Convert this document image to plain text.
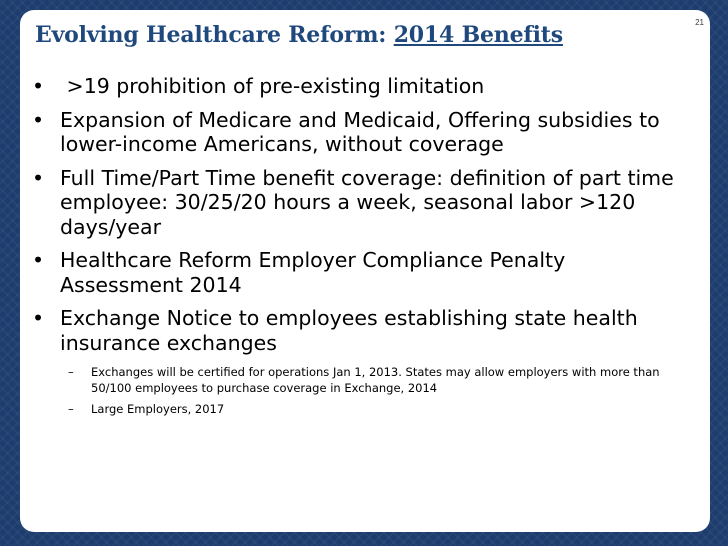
21
Evolving Healthcare Reform: 2014 Benefits
• >19 prohibition of pre-existing limitation
• Expansion of Medicare and Medicaid, Offering subsidies to lower-income Americans, without coverage
• Full Time/Part Time benefit coverage: definition of part time employee: 30/25/20 hours a week, seasonal labor >120 days/year
• Healthcare Reform Employer Compliance Penalty Assessment 2014
• Exchange Notice to employees establishing state health insurance exchanges
– Exchanges will be certified for operations Jan 1, 2013. States may allow employers with more than 50/100 employees to purchase coverage in Exchange, 2014
– Large Employers, 2017
